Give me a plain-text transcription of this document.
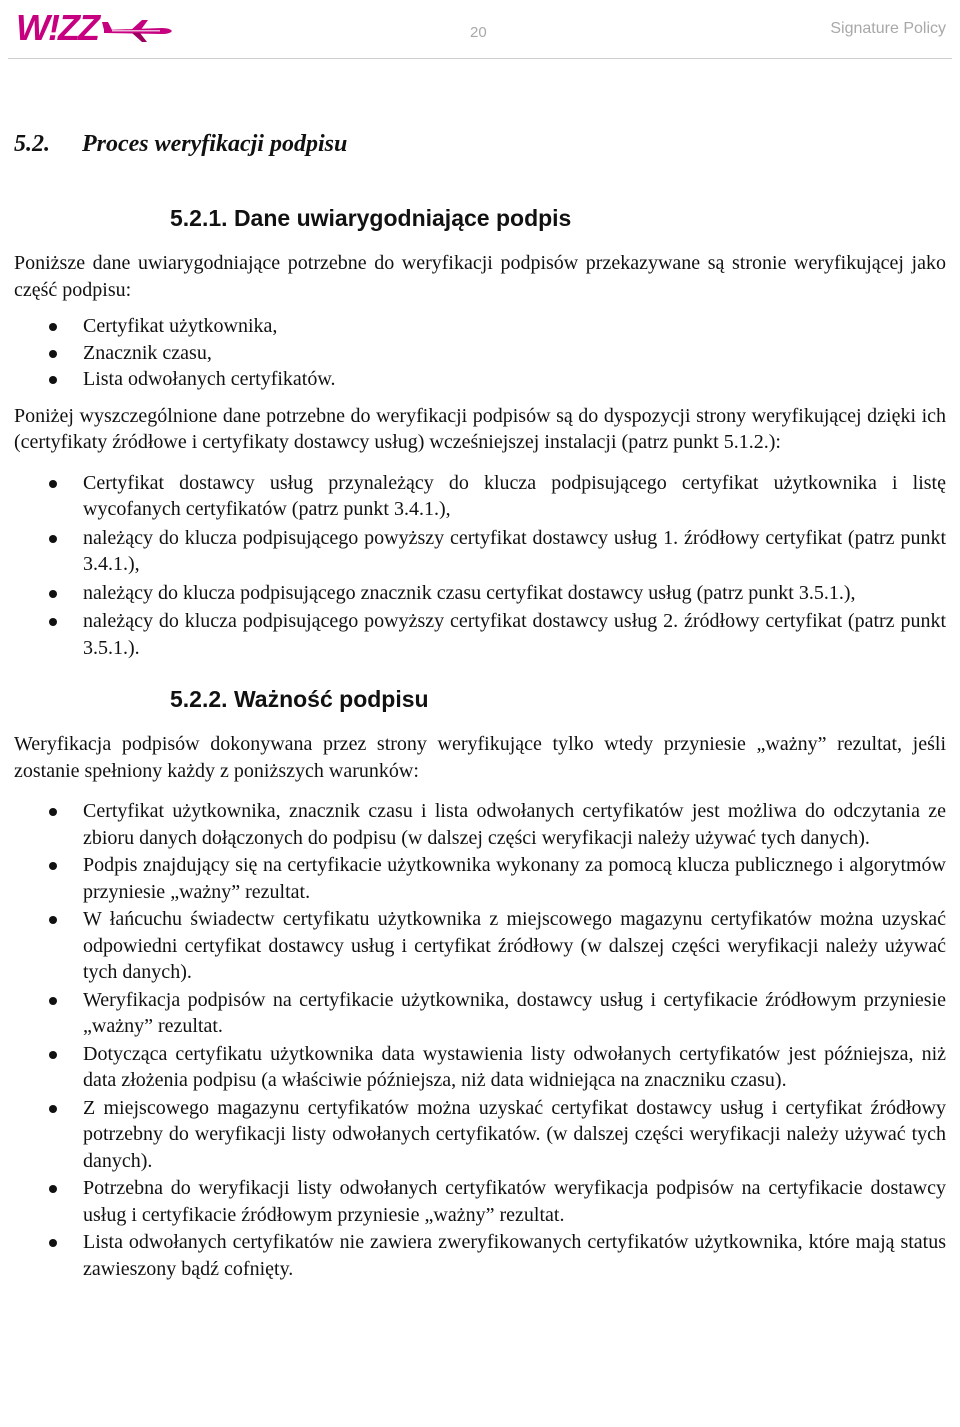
W!ZZ	20	Signature Policy
5.2.	Proces weryfikacji podpisu
5.2.1. Dane uwiarygodniające podpis

Poniższe dane uwiarygodniające potrzebne do weryfikacji podpisów przekazywane są stronie weryfikującej jako część podpisu:

Certyfikat użytkownika,
Znacznik czasu,
Lista odwołanych certyfikatów.

Poniżej wyszczególnione dane potrzebne do weryfikacji podpisów są do dyspozycji strony weryfikującej dzięki ich (certyfikaty źródłowe i certyfikaty dostawcy usług) wcześniejszej instalacji (patrz punkt 5.1.2.):

Certyfikat dostawcy usług przynależący do klucza podpisującego certyfikat użytkownika i listę wycofanych certyfikatów (patrz punkt 3.4.1.),
należący do klucza podpisującego powyższy certyfikat dostawcy usług 1. źródłowy certyfikat (patrz punkt 3.4.1.),
należący do klucza podpisującego znacznik czasu certyfikat dostawcy usług (patrz punkt 3.5.1.),
należący do klucza podpisującego powyższy certyfikat dostawcy usług 2. źródłowy certyfikat (patrz punkt 3.5.1.).
5.2.2. Ważność podpisu

Weryfikacja podpisów dokonywana przez strony weryfikujące tylko wtedy przyniesie „ważny” rezultat, jeśli zostanie spełniony każdy z poniższych warunków:

Certyfikat użytkownika, znacznik czasu i lista odwołanych certyfikatów jest możliwa do odczytania ze zbioru danych dołączonych do podpisu (w dalszej części weryfikacji należy używać tych danych).
Podpis znajdujący się na certyfikacie użytkownika wykonany za pomocą klucza publicznego i algorytmów przyniesie „ważny” rezultat.
W łańcuchu świadectw certyfikatu użytkownika z miejscowego magazynu certyfikatów można uzyskać odpowiedni certyfikat dostawcy usług i certyfikat źródłowy (w dalszej części weryfikacji należy używać tych danych).
Weryfikacja podpisów na certyfikacie użytkownika, dostawcy usług i certyfikacie źródłowym przyniesie „ważny” rezultat.
Dotycząca certyfikatu użytkownika data wystawienia listy odwołanych certyfikatów jest późniejsza, niż data złożenia podpisu (a właściwie późniejsza, niż data widniejąca na znaczniku czasu).
Z miejscowego magazynu certyfikatów można uzyskać certyfikat dostawcy usług i certyfikat źródłowy potrzebny do weryfikacji listy odwołanych certyfikatów. (w dalszej części weryfikacji należy używać tych danych).
Potrzebna do weryfikacji listy odwołanych certyfikatów weryfikacja podpisów na certyfikacie dostawcy usług i certyfikacie źródłowym przyniesie „ważny” rezultat.
Lista odwołanych certyfikatów nie zawiera zweryfikowanych certyfikatów użytkownika, które mają status zawieszony bądź cofnięty.
